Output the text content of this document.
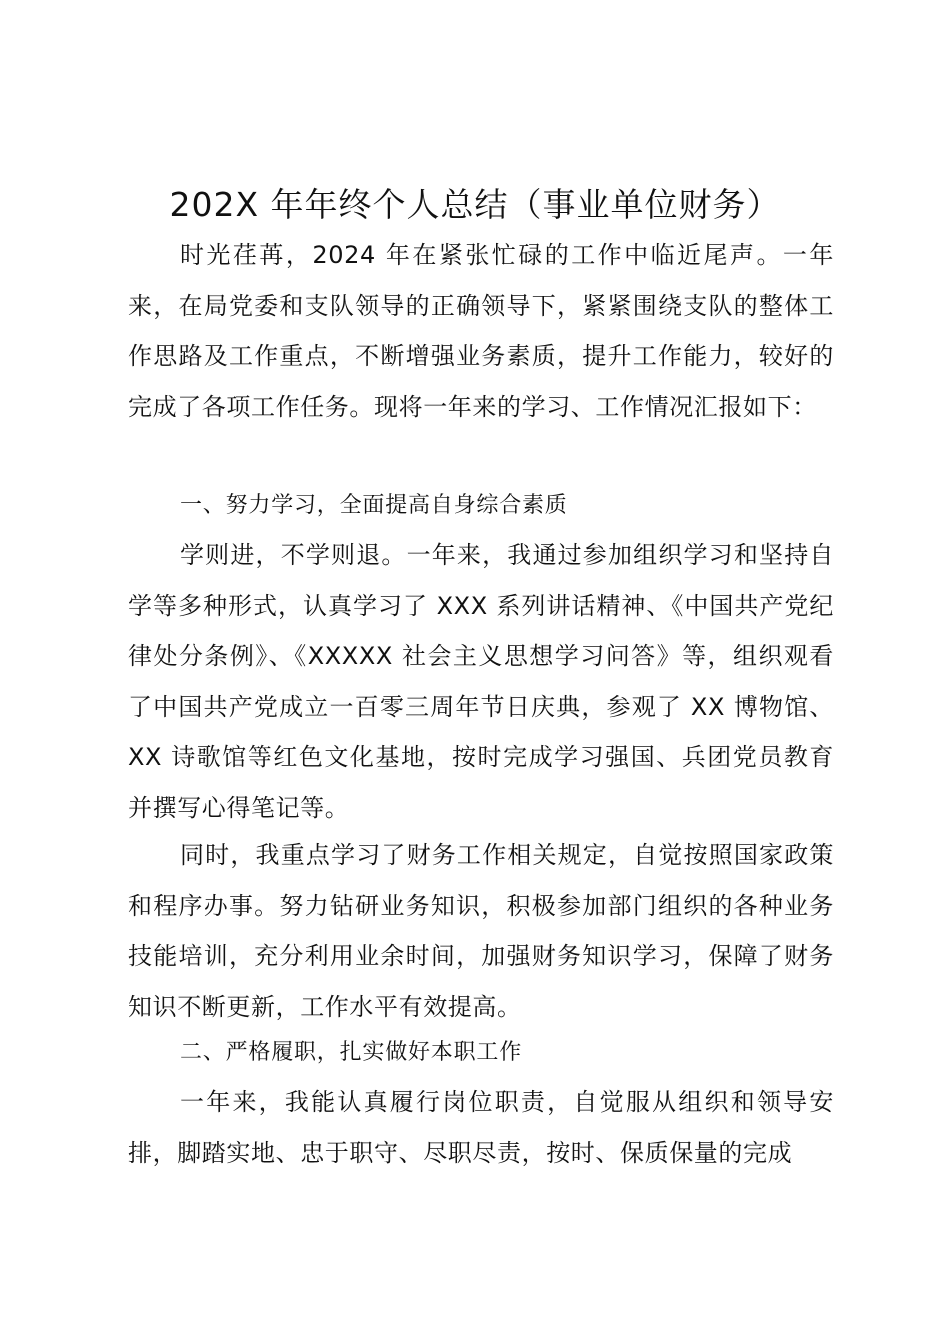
202X 年年终个人总结（事业单位财务）

时光荏苒，2024 年在紧张忙碌的工作中临近尾声。一年来，在局党委和支队领导的正确领导下，紧紧围绕支队的整体工作思路及工作重点，不断增强业务素质，提升工作能力，较好的完成了各项工作任务。现将一年来的学习、工作情况汇报如下：

一、努力学习，全面提高自身综合素质

学则进，不学则退。一年来，我通过参加组织学习和坚持自学等多种形式，认真学习了 XXX 系列讲话精神、《中国共产党纪律处分条例》、《XXXXX 社会主义思想学习问答》等，组织观看了中国共产党成立一百零三周年节日庆典，参观了 XX 博物馆、XX 诗歌馆等红色文化基地，按时完成学习强国、兵团党员教育并撰写心得笔记等。

同时，我重点学习了财务工作相关规定，自觉按照国家政策和程序办事。努力钻研业务知识，积极参加部门组织的各种业务技能培训，充分利用业余时间，加强财务知识学习，保障了财务知识不断更新，工作水平有效提高。

二、严格履职，扎实做好本职工作

一年来，我能认真履行岗位职责，自觉服从组织和领导安排，脚踏实地、忠于职守、尽职尽责，按时、保质保量的完成
